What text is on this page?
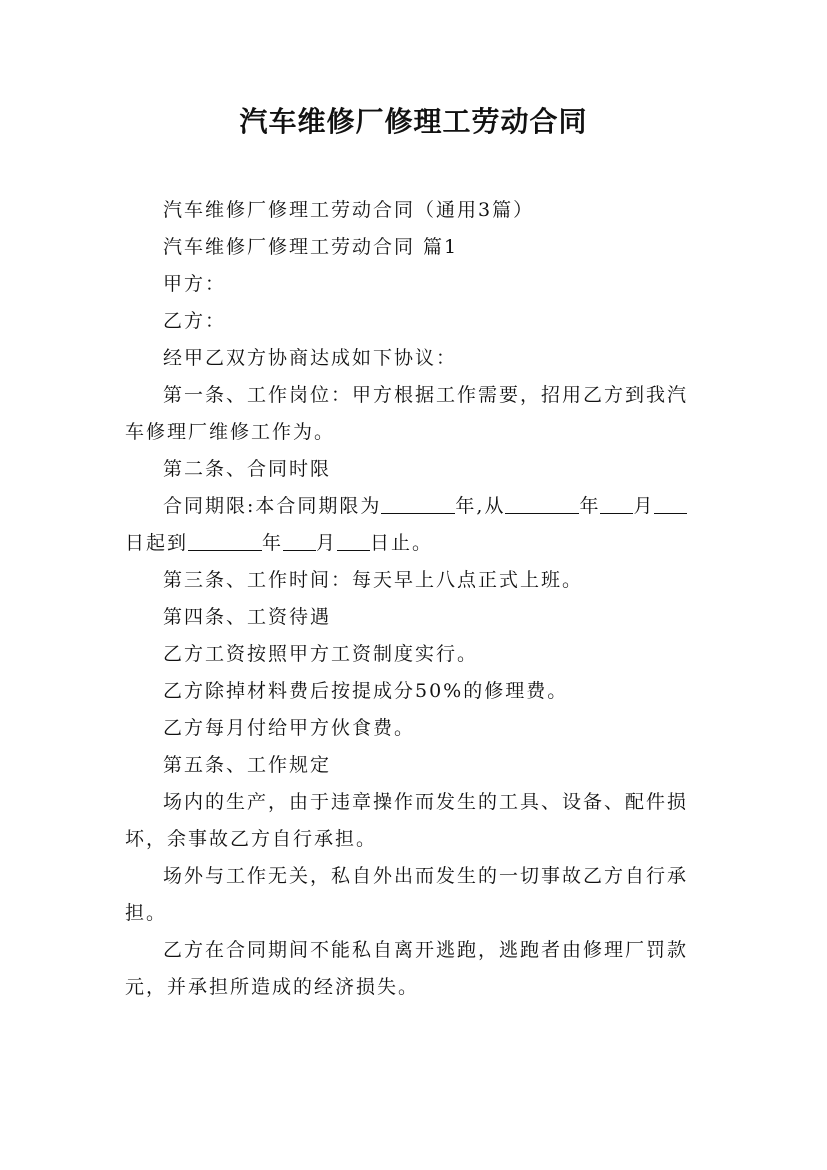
汽车维修厂修理工劳动合同

汽车维修厂修理工劳动合同（通用3篇）

汽车维修厂修理工劳动合同 篇1

甲方：

乙方：

经甲乙双方协商达成如下协议：

第一条、工作岗位：甲方根据工作需要，招用乙方到我汽车修理厂维修工作为。

第二条、合同时限

合同期限:本合同期限为	年,从	年 月日起到	年 月 日止。

第三条、工作时间：每天早上八点正式上班。

第四条、工资待遇

乙方工资按照甲方工资制度实行。

乙方除掉材料费后按提成分50%的修理费。

乙方每月付给甲方伙食费。

第五条、工作规定

场内的生产，由于违章操作而发生的工具、设备、配件损坏，余事故乙方自行承担。

场外与工作无关，私自外出而发生的一切事故乙方自行承担。

乙方在合同期间不能私自离开逃跑，逃跑者由修理厂罚款元，并承担所造成的经济损失。
